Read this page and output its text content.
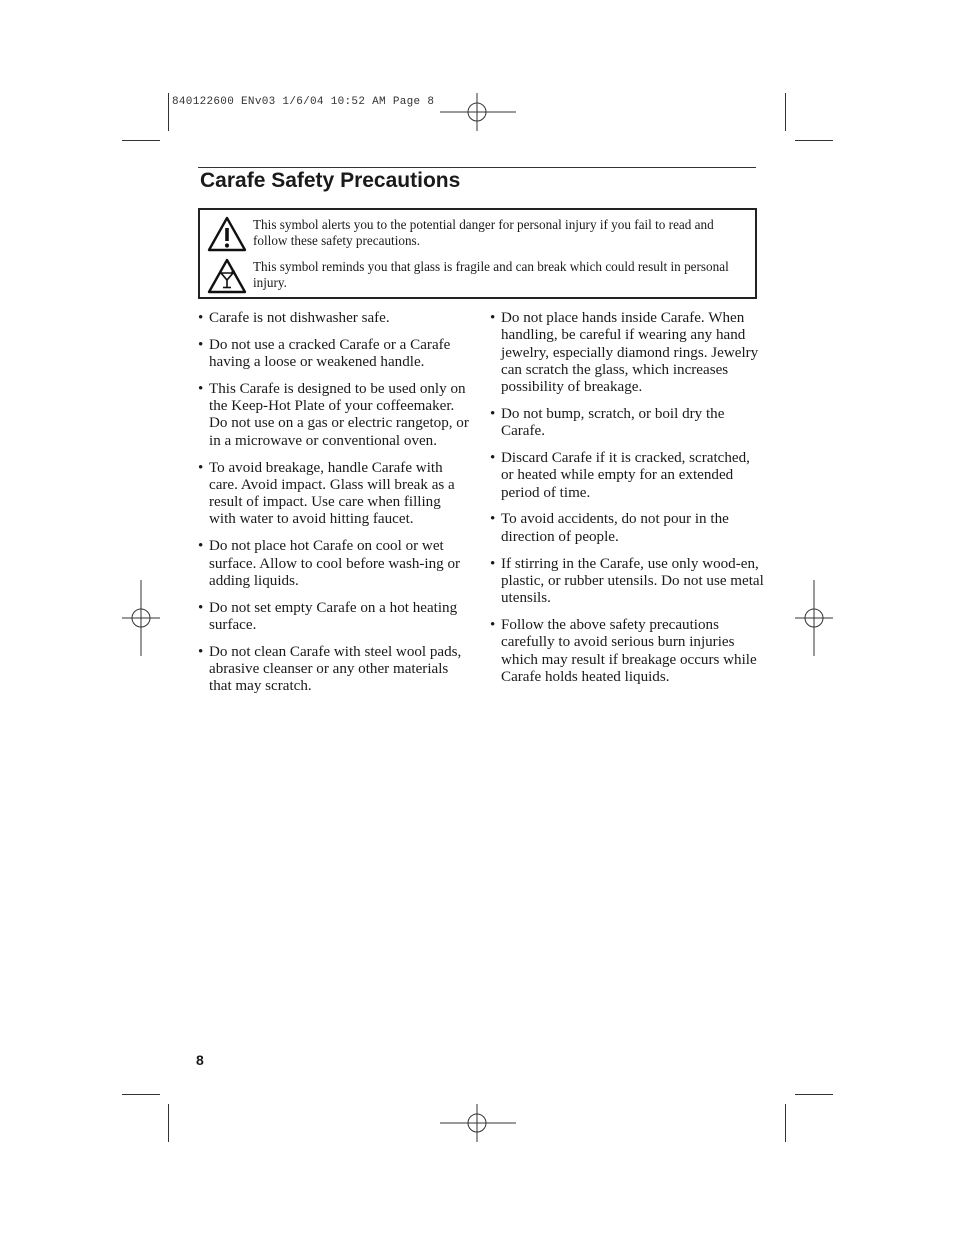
840122600 ENv03 1/6/04 10:52 AM Page 8
Carafe Safety Precautions
This symbol alerts you to the potential danger for personal injury if you fail to read and follow these safety precautions.
This symbol reminds you that glass is fragile and can break which could result in personal injury.
• Carafe is not dishwasher safe.
• Do not use a cracked Carafe or a Carafe having a loose or weakened handle.
• This Carafe is designed to be used only on the Keep-Hot Plate of your coffeemaker. Do not use on a gas or electric rangetop, or in a microwave or conventional oven.
• To avoid breakage, handle Carafe with care. Avoid impact. Glass will break as a result of impact. Use care when filling with water to avoid hitting faucet.
• Do not place hot Carafe on cool or wet surface. Allow to cool before wash-ing or adding liquids.
• Do not set empty Carafe on a hot heating surface.
• Do not clean Carafe with steel wool pads, abrasive cleanser or any other materials that may scratch.
• Do not place hands inside Carafe. When handling, be careful if wearing any hand jewelry, especially diamond rings. Jewelry can scratch the glass, which increases possibility of breakage.
• Do not bump, scratch, or boil dry the Carafe.
• Discard Carafe if it is cracked, scratched, or heated while empty for an extended period of time.
• To avoid accidents, do not pour in the direction of people.
• If stirring in the Carafe, use only wood-en, plastic, or rubber utensils. Do not use metal utensils.
• Follow the above safety precautions carefully to avoid serious burn injuries which may result if breakage occurs while Carafe holds heated liquids.
8
